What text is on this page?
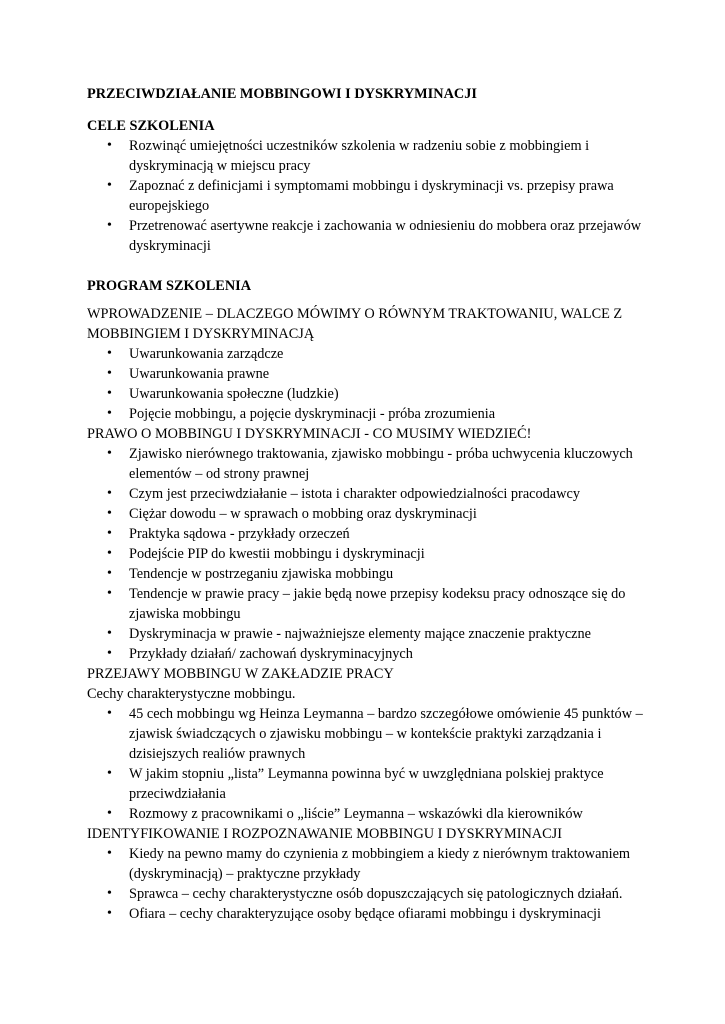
PRZECIWDZIAŁANIE MOBBINGOWI I DYSKRYMINACJI

CELE SZKOLENIA

• Rozwinąć umiejętności uczestników szkolenia w radzeniu sobie z mobbingiem i dyskryminacją w miejscu pracy
• Zapoznać z definicjami i symptomami mobbingu i dyskryminacji vs. przepisy prawa europejskiego
• Przetrenować asertywne reakcje i zachowania w odniesieniu do mobbera oraz przejawów dyskryminacji

PROGRAM SZKOLENIA

WPROWADZENIE – DLACZEGO MÓWIMY O RÓWNYM TRAKTOWANIU, WALCE Z MOBBINGIEM I DYSKRYMINACJĄ

• Uwarunkowania zarządcze
• Uwarunkowania prawne
• Uwarunkowania społeczne (ludzkie)
• Pojęcie mobbingu, a pojęcie dyskryminacji - próba zrozumienia

PRAWO O MOBBINGU I DYSKRYMINACJI - CO MUSIMY WIEDZIEĆ!

• Zjawisko nierównego traktowania, zjawisko mobbingu - próba uchwycenia kluczowych elementów – od strony prawnej
• Czym jest przeciwdziałanie – istota i charakter odpowiedzialności pracodawcy
• Ciężar dowodu – w sprawach o mobbing oraz dyskryminacji
• Praktyka sądowa - przykłady orzeczeń
• Podejście PIP do kwestii mobbingu i dyskryminacji
• Tendencje w postrzeganiu zjawiska mobbingu
• Tendencje w prawie pracy – jakie będą nowe przepisy kodeksu pracy odnoszące się do zjawiska mobbingu
• Dyskryminacja w prawie - najważniejsze elementy mające znaczenie praktyczne
• Przykłady działań/ zachowań dyskryminacyjnych

PRZEJAWY MOBBINGU W ZAKŁADZIE PRACY

Cechy charakterystyczne mobbingu.

• 45 cech mobbingu wg Heinza Leymanna – bardzo szczegółowe omówienie 45 punktów – zjawisk świadczących o zjawisku mobbingu – w kontekście praktyki zarządzania i dzisiejszych realiów prawnych
• W jakim stopniu „lista” Leymanna powinna być w uwzględniana polskiej praktyce przeciwdziałania
• Rozmowy z pracownikami o „liście” Leymanna – wskazówki dla kierowników

IDENTYFIKOWANIE I ROZPOZNAWANIE MOBBINGU I DYSKRYMINACJI

• Kiedy na pewno mamy do czynienia z mobbingiem a kiedy z nierównym traktowaniem (dyskryminacją) – praktyczne przykłady
• Sprawca – cechy charakterystyczne osób dopuszczających się patologicznych działań.
• Ofiara – cechy charakteryzujące osoby będące ofiarami mobbingu i dyskryminacji
